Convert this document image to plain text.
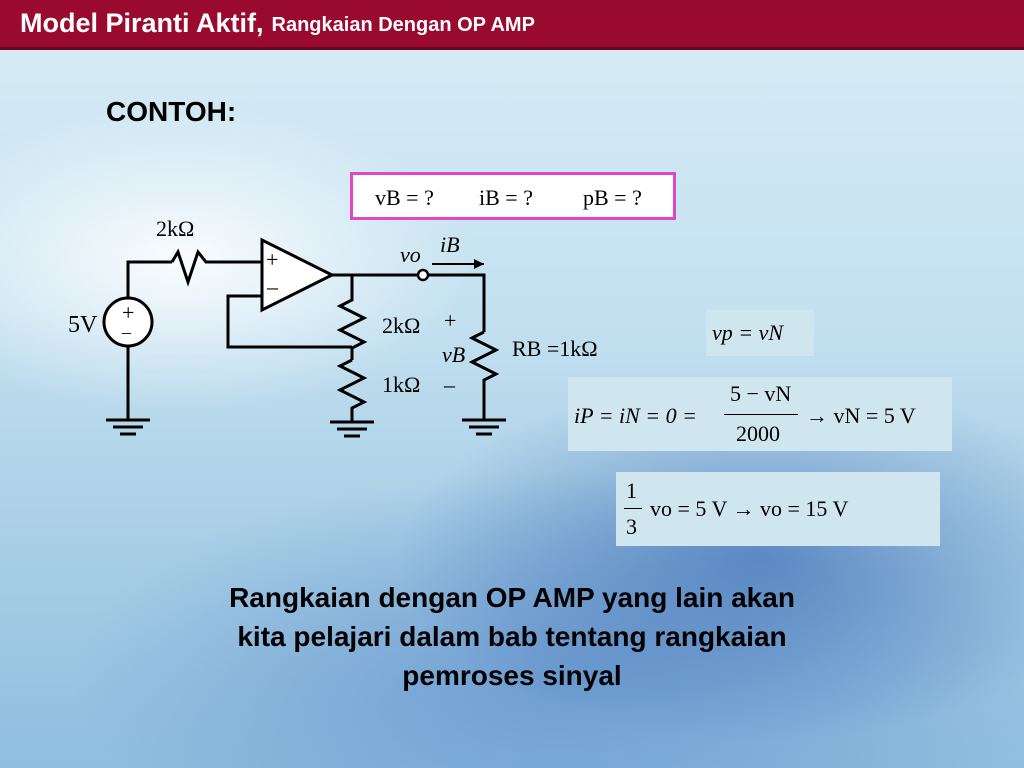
Model Piranti Aktif, Rangkaian Dengan OP AMP
CONTOH:
vB = ? iB = ? pB = ?
5V +
–
2kΩ
+
–
vo iB
2kΩ
1kΩ
+
vB
–
RB =1kΩ
vp = vN
iP = iN = 0 =
5 − vN
2000
→ vN = 5 V
1
3
vo = 5 V → vo = 15 V
Rangkaian dengan OP AMP yang lain akan
kita pelajari dalam bab tentang rangkaian
pemroses sinyal
